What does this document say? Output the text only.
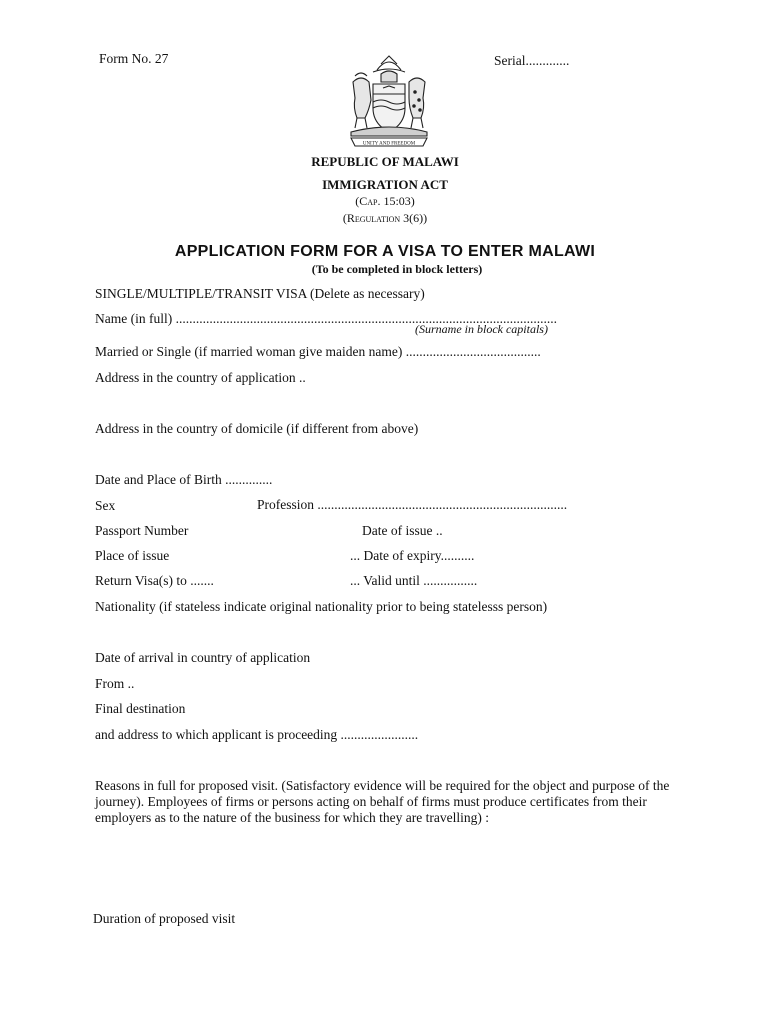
Form No. 27	Serial.............
UNITY AND FREEDOM
REPUBLIC OF MALAWI
IMMIGRATION ACT
(Cap. 15:03)
(Regulation 3(6))
APPLICATION FORM FOR A VISA TO ENTER MALAWI
(To be completed in block letters)
SINGLE/MULTIPLE/TRANSIT VISA (Delete as necessary)
Name (in full) .................................................................................................................
(Surname in block capitals)
Married or Single (if married woman give maiden name) ........................................
Address in the country of application ..
Address in the country of domicile (if different from above)
Date and Place of Birth ..............
Sex	Profession ..........................................................................
Passport Number	Date of issue ..
Place of issue	... Date of expiry..........
Return Visa(s) to .......	... Valid until ................
Nationality (if stateless indicate original nationality prior to being statelesss person)
Date of arrival in country of application
From ..
Final destination
and address to which applicant is proceeding .......................
Reasons in full for proposed visit. (Satisfactory evidence will be required for the object and purpose of the journey). Employees of firms or persons acting on behalf of firms must produce certificates from their employers as to the nature of the business for which they are travelling) :
Duration of proposed visit
